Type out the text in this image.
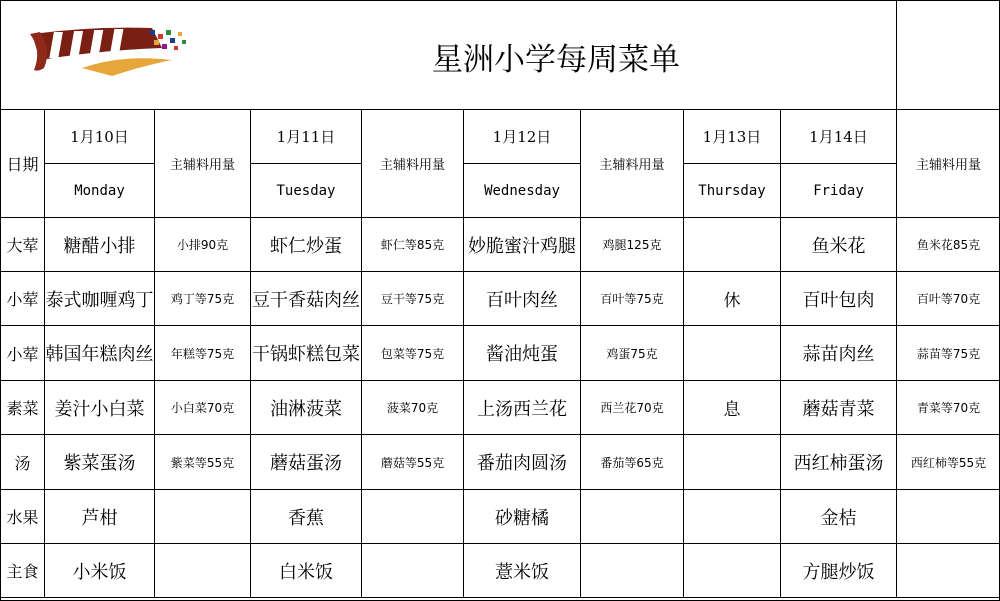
星洲小学每周菜单
日期	1月10日	主辅料用量	1月11日	主辅料用量	1月12日	主辅料用量	1月13日	1月14日	主辅料用量
	Monday		Tuesday		Wednesday		Thursday	Friday	
大荤	糖醋小排	小排90克	虾仁炒蛋	虾仁等85克	妙脆蜜汁鸡腿	鸡腿125克		鱼米花	鱼米花85克
小荤	泰式咖喱鸡丁	鸡丁等75克	豆干香菇肉丝	豆干等75克	百叶肉丝	百叶等75克	休	百叶包肉	百叶等70克
小荤	韩国年糕肉丝	年糕等75克	干锅虾糕包菜	包菜等75克	酱油炖蛋	鸡蛋75克		蒜苗肉丝	蒜苗等75克
素菜	姜汁小白菜	小白菜70克	油淋菠菜	菠菜70克	上汤西兰花	西兰花70克	息	蘑菇青菜	青菜等70克
汤	紫菜蛋汤	紫菜等55克	蘑菇蛋汤	蘑菇等55克	番茄肉圆汤	番茄等65克		西红柿蛋汤	西红柿等55克
水果	芦柑		香蕉		砂糖橘			金桔	
主食	小米饭		白米饭		薏米饭			方腿炒饭	
